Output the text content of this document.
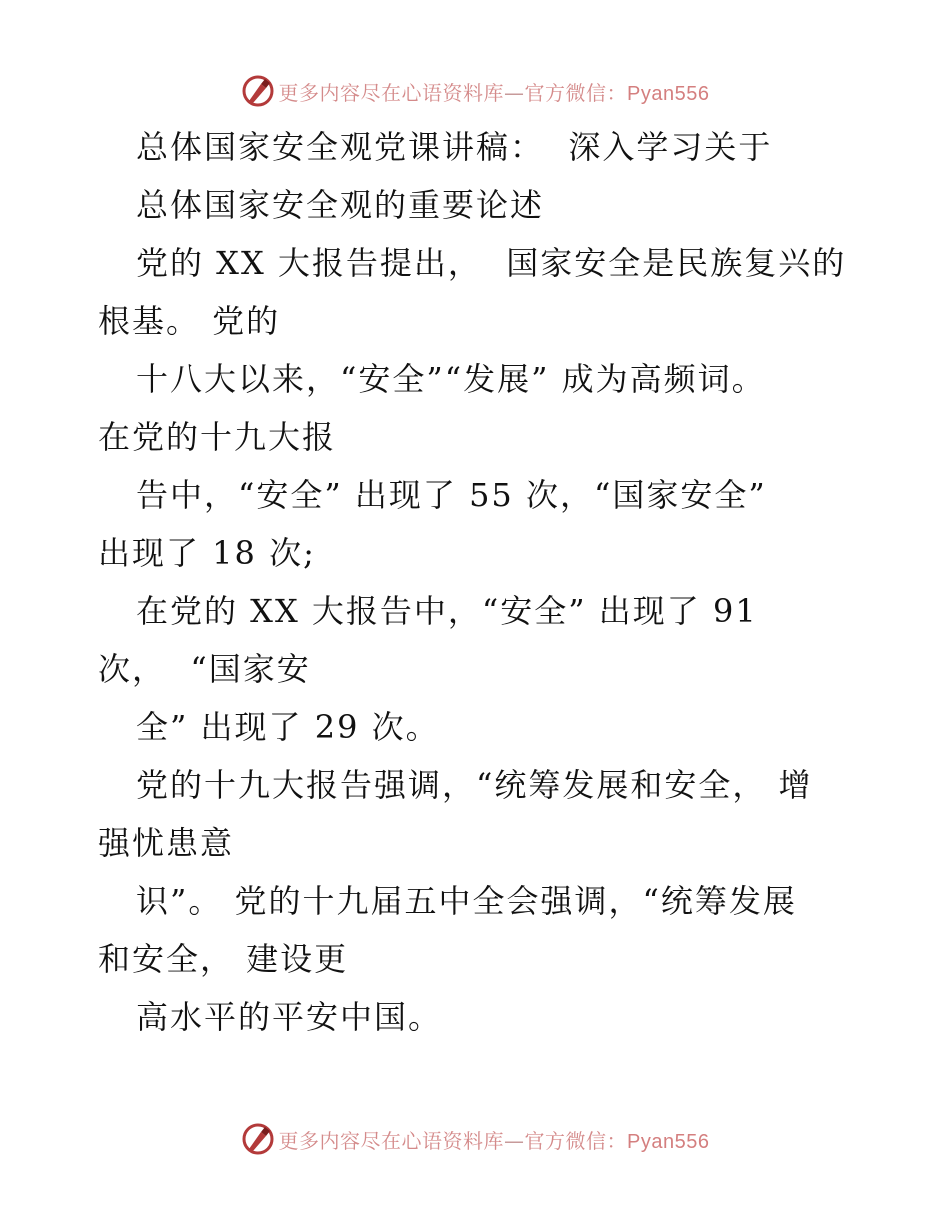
更多内容尽在心语资料库—官方微信：Pyan556
总体国家安全观党课讲稿：  深入学习关于
总体国家安全观的重要论述
党的 XX 大报告提出，  国家安全是民族复兴的
根基。 党的
十八大以来，“安全”“发展” 成为高频词。
在党的十九大报
告中，“安全” 出现了 55 次，“国家安全”
出现了 18 次;
在党的 XX 大报告中，“安全” 出现了 91
次，  “国家安
全” 出现了 29 次。
党的十九大报告强调，“统筹发展和安全， 增
强忧患意
识”。 党的十九届五中全会强调，“统筹发展
和安全， 建设更
高水平的平安中国。
更多内容尽在心语资料库—官方微信：Pyan556
